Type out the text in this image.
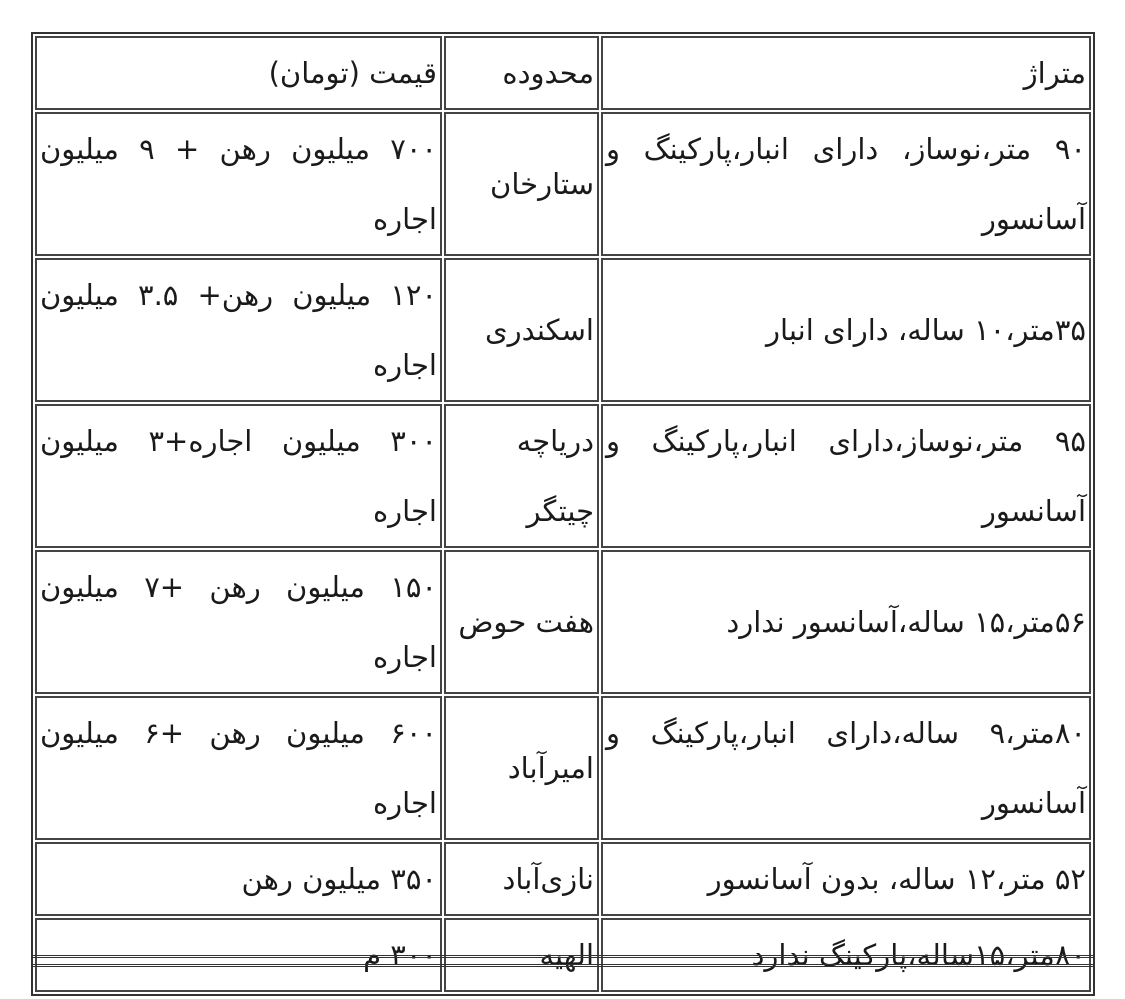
متراژ	محدوده	قیمت (تومان)
۹۰ متر،نوساز، دارای انبار،پارکینگ و آسانسور	ستارخان	۷۰۰ میلیون رهن + ۹ میلیون اجاره
۳۵متر،۱۰ ساله، دارای انبار	اسکندری	۱۲۰ میلیون رهن+ ۳.۵ میلیون اجاره
۹۵ متر،نوساز،دارای انبار،پارکینگ و آسانسور	دریاچه چیتگر	۳۰۰ میلیون اجاره+۳ میلیون اجاره
۵۶متر،۱۵ ساله،آسانسور ندارد	هفت حوض	۱۵۰ میلیون رهن +۷ میلیون اجاره
۸۰متر،۹ ساله،دارای انبار،پارکینگ و آسانسور	امیرآباد	۶۰۰ میلیون رهن +۶ میلیون اجاره
۵۲ متر،۱۲ ساله، بدون آسانسور	نازی‌آباد	۳۵۰ میلیون رهن
۸۰متر،۱۵ساله،پارکینگ ندارد	الهیه	۳۰۰ م
